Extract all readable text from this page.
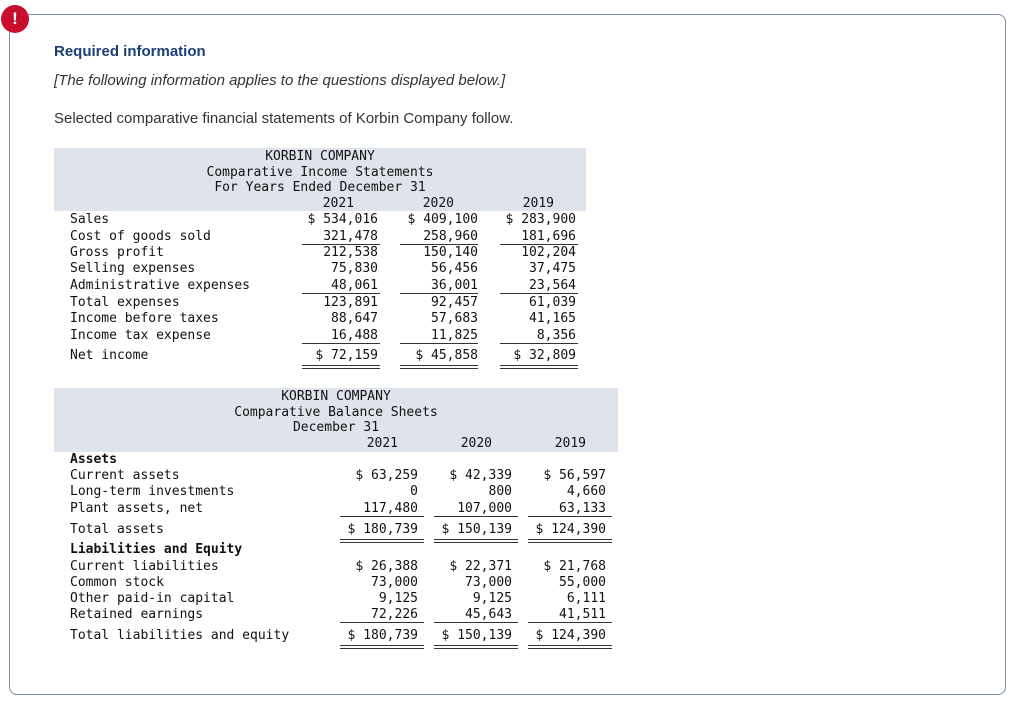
!
Required information
[The following information applies to the questions displayed below.]
Selected comparative financial statements of Korbin Company follow.
KORBIN COMPANY
Comparative Income Statements
For Years Ended December 31
2021	2020	2019
Sales	$ 534,016	$ 409,100	$ 283,900
Cost of goods sold	321,478	258,960	181,696
Gross profit	212,538	150,140	102,204
Selling expenses	75,830	56,456	37,475
Administrative expenses	48,061	36,001	23,564
Total expenses	123,891	92,457	61,039
Income before taxes	88,647	57,683	41,165
Income tax expense	16,488	11,825	8,356
Net income	$ 72,159	$ 45,858	$ 32,809
KORBIN COMPANY
Comparative Balance Sheets
December 31
2021	2020	2019
Assets
Current assets	$ 63,259	$ 42,339	$ 56,597
Long-term investments	0	800	4,660
Plant assets, net	117,480	107,000	63,133
Total assets	$ 180,739	$ 150,139	$ 124,390
Liabilities and Equity
Current liabilities	$ 26,388	$ 22,371	$ 21,768
Common stock	73,000	73,000	55,000
Other paid-in capital	9,125	9,125	6,111
Retained earnings	72,226	45,643	41,511
Total liabilities and equity	$ 180,739	$ 150,139	$ 124,390
